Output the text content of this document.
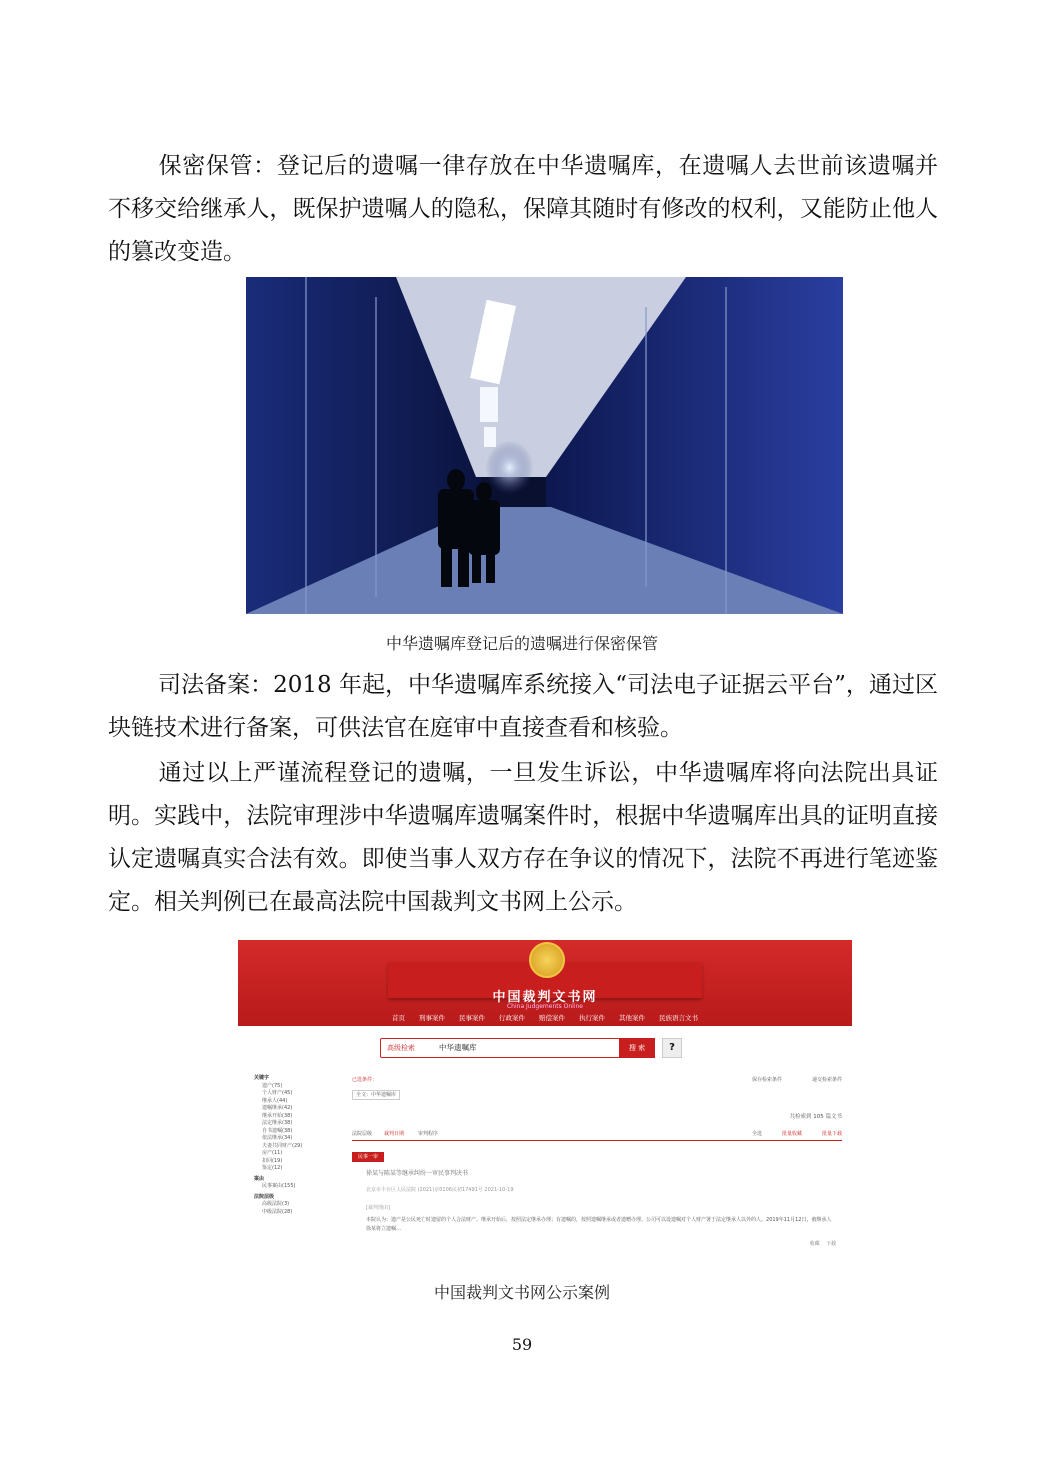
保密保管：登记后的遗嘱一律存放在中华遗嘱库，在遗嘱人去世前该遗嘱并不移交给继承人，既保护遗嘱人的隐私，保障其随时有修改的权利，又能防止他人的篡改变造。

中华遗嘱库登记后的遗嘱进行保密保管

司法备案：2018 年起，中华遗嘱库系统接入“司法电子证据云平台”，通过区块链技术进行备案，可供法官在庭审中直接查看和核验。

通过以上严谨流程登记的遗嘱，一旦发生诉讼，中华遗嘱库将向法院出具证明。实践中，法院审理涉中华遗嘱库遗嘱案件时，根据中华遗嘱库出具的证明直接认定遗嘱真实合法有效。即使当事人双方存在争议的情况下，法院不再进行笔迹鉴定。相关判例已在最高法院中国裁判文书网上公示。

中国裁判文书网
China Judgements Online
首页 刑事案件 民事案件 行政案件 赔偿案件 执行案件 其他案件 民族语言文书
高级检索	中华遗嘱库	搜 索	?
关键字
遗产(75)
个人财产(45)
继承人(44)
遗嘱继承(42)
继承开始(38)
法定继承(38)
自书遗嘱(38)
依法继承(34)
夫妻共同财产(29)
房产(11)
扣回(19)
鉴定(12)
案由
民事案由(155)
法院层级
高级法院(3)
中级法院(28)
已选条件：	保存检索条件	递交检索条件
全文：中华遗嘱库
共检索到 105 篇文书
法院层级 裁判日期	审判程序	全选	批量收藏	批量下载
民事一审
徐某与陈某等继承纠纷一审民事判决书
北京市丰台区人民法院 (2021)京0106民初17491号 2021-10-19
[裁判理由]
本院认为：遗产是公民死亡时遗留的个人合法财产。继承开始后，按照法定继承办理；有遗嘱的，按照遗嘱继承或者遗赠办理。公司可以设遗嘱对个人财产署于法定继承人以外的人。2019年11月12日，被继承人徐某将立遗嘱…
收藏 下载
中国裁判文书网公示案例
59
